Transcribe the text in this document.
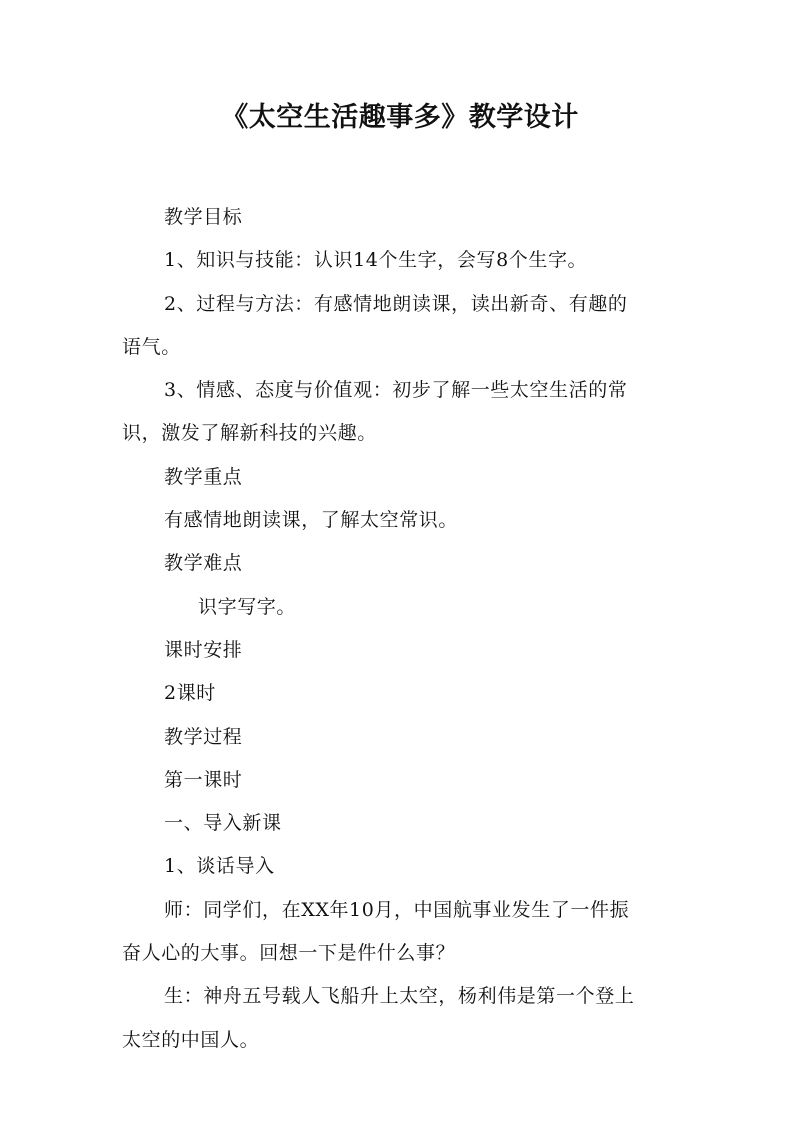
《太空生活趣事多》教学设计
教学目标
1、知识与技能：认识14个生字，会写8个生字。
2、过程与方法：有感情地朗读课，读出新奇、有趣的
语气。
3、情感、态度与价值观：初步了解一些太空生活的常
识，激发了解新科技的兴趣。
教学重点
有感情地朗读课，了解太空常识。
教学难点
识字写字。
课时安排
2课时
教学过程
第一课时
一、导入新课
1、谈话导入
师：同学们，在XX年10月，中国航事业发生了一件振
奋人心的大事。回想一下是件什么事？
生：神舟五号载人飞船升上太空，杨利伟是第一个登上
太空的中国人。
